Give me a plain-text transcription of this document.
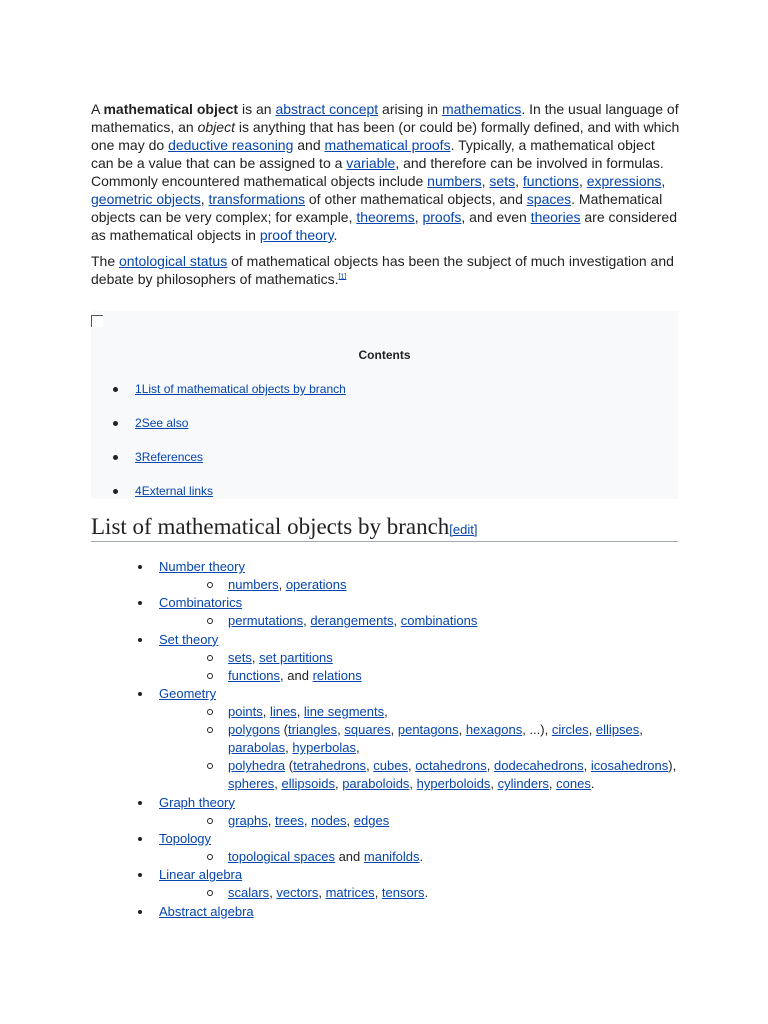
A mathematical object is an abstract concept arising in mathematics. In the usual language of mathematics, an object is anything that has been (or could be) formally defined, and with which one may do deductive reasoning and mathematical proofs. Typically, a mathematical object can be a value that can be assigned to a variable, and therefore can be involved in formulas. Commonly encountered mathematical objects include numbers, sets, functions, expressions, geometric objects, transformations of other mathematical objects, and spaces. Mathematical objects can be very complex; for example, theorems, proofs, and even theories are considered as mathematical objects in proof theory.

The ontological status of mathematical objects has been the subject of much investigation and debate by philosophers of mathematics.[1]

Contents
1List of mathematical objects by branch
2See also
3References
4External links
List of mathematical objects by branch[edit]
Number theory
numbers, operations
Combinatorics
permutations, derangements, combinations
Set theory
sets, set partitions
functions, and relations
Geometry
points, lines, line segments,
polygons (triangles, squares, pentagons, hexagons, ...), circles, ellipses, parabolas, hyperbolas,
polyhedra (tetrahedrons, cubes, octahedrons, dodecahedrons, icosahedrons), spheres, ellipsoids, paraboloids, hyperboloids, cylinders, cones.
Graph theory
graphs, trees, nodes, edges
Topology
topological spaces and manifolds.
Linear algebra
scalars, vectors, matrices, tensors.
Abstract algebra
